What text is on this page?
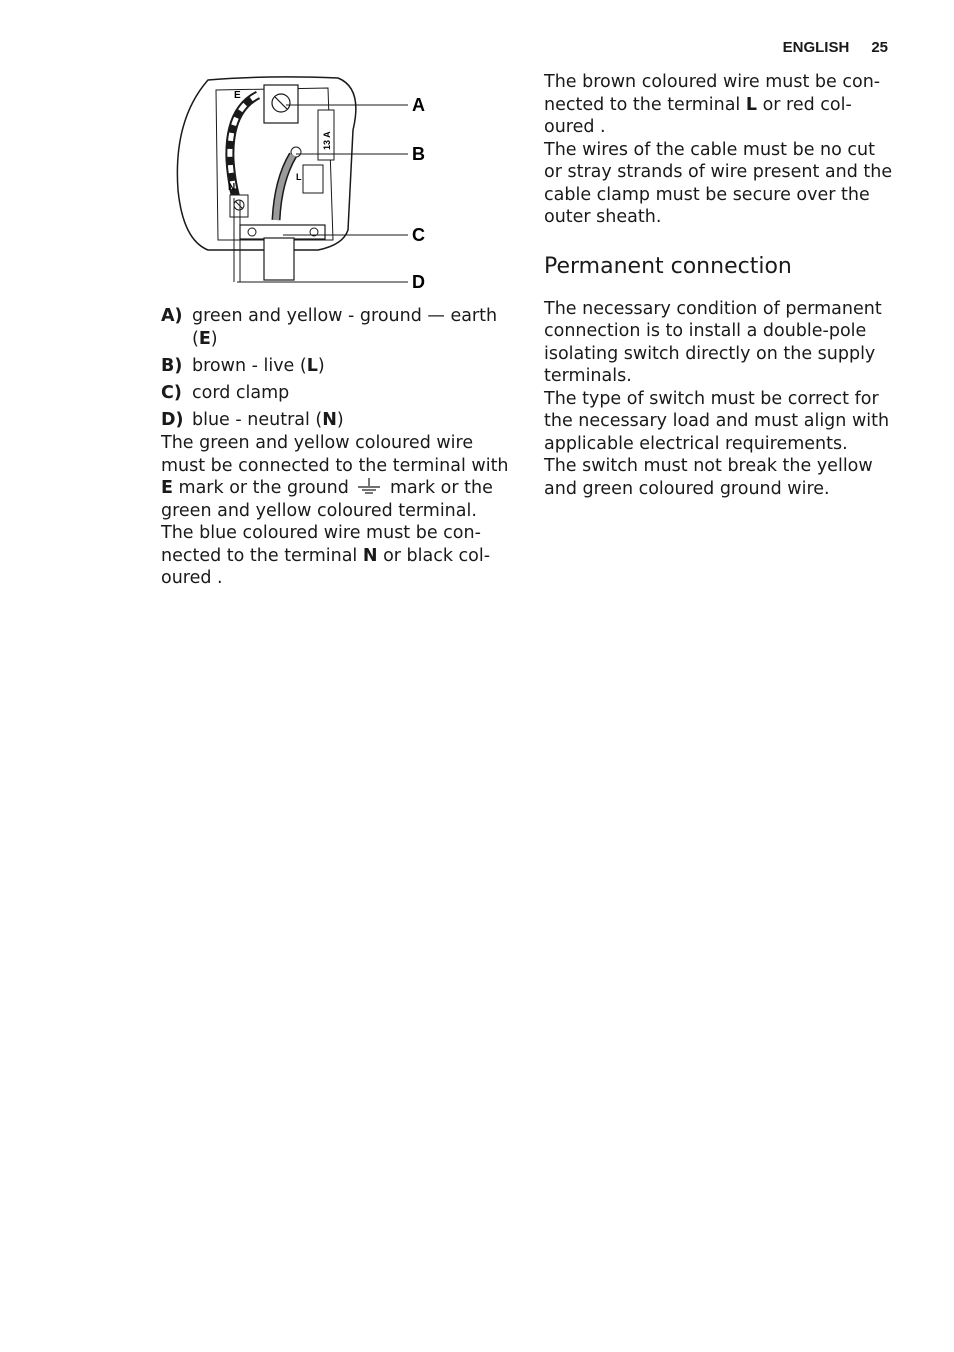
ENGLISH 25
13 A
L
E
N
A
B
C
D
A) green and yellow - ground — earth (E)
B) brown - live (L)
C) cord clamp
D) blue - neutral (N)

The green and yellow coloured wire must be connected to the terminal with E mark or the ground  mark or the green and yellow coloured terminal.

The blue coloured wire must be con-nected to the terminal N or black col-oured .

The brown coloured wire must be con-nected to the terminal L or red col-oured .

The wires of the cable must be no cut or stray strands of wire present and the cable clamp must be secure over the outer sheath.

Permanent connection

The necessary condition of permanent connection is to install a double-pole isolating switch directly on the supply terminals.

The type of switch must be correct for the necessary load and must align with applicable electrical requirements.

The switch must not break the yellow and green coloured ground wire.
